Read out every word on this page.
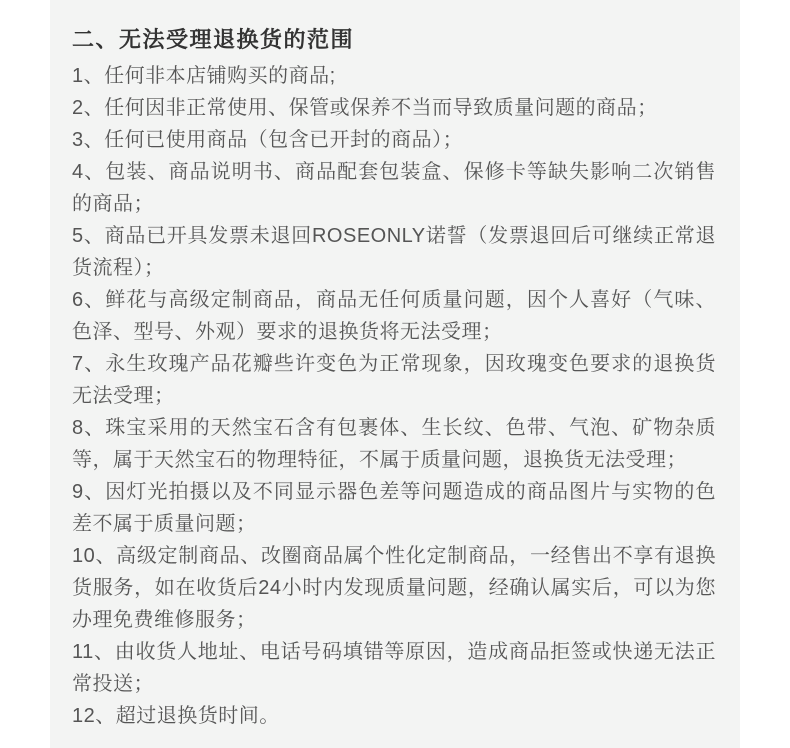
二、无法受理退换货的范围
1、任何非本店铺购买的商品;
2、任何因非正常使用、保管或保养不当而导致质量问题的商品；
3、任何已使用商品（包含已开封的商品）；
4、包装、商品说明书、商品配套包装盒、保修卡等缺失影响二次销售的商品；
5、商品已开具发票未退回ROSEONLY诺誓（发票退回后可继续正常退货流程）；
6、鲜花与高级定制商品，商品无任何质量问题，因个人喜好（气味、色泽、型号、外观）要求的退换货将无法受理；
7、永生玫瑰产品花瓣些许变色为正常现象，因玫瑰变色要求的退换货无法受理；
8、珠宝采用的天然宝石含有包裹体、生长纹、色带、气泡、矿物杂质等，属于天然宝石的物理特征，不属于质量问题，退换货无法受理；
9、因灯光拍摄以及不同显示器色差等问题造成的商品图片与实物的色差不属于质量问题；
10、高级定制商品、改圈商品属个性化定制商品，一经售出不享有退换货服务，如在收货后24小时内发现质量问题，经确认属实后，可以为您办理免费维修服务；
11、由收货人地址、电话号码填错等原因，造成商品拒签或快递无法正常投送；
12、超过退换货时间。
